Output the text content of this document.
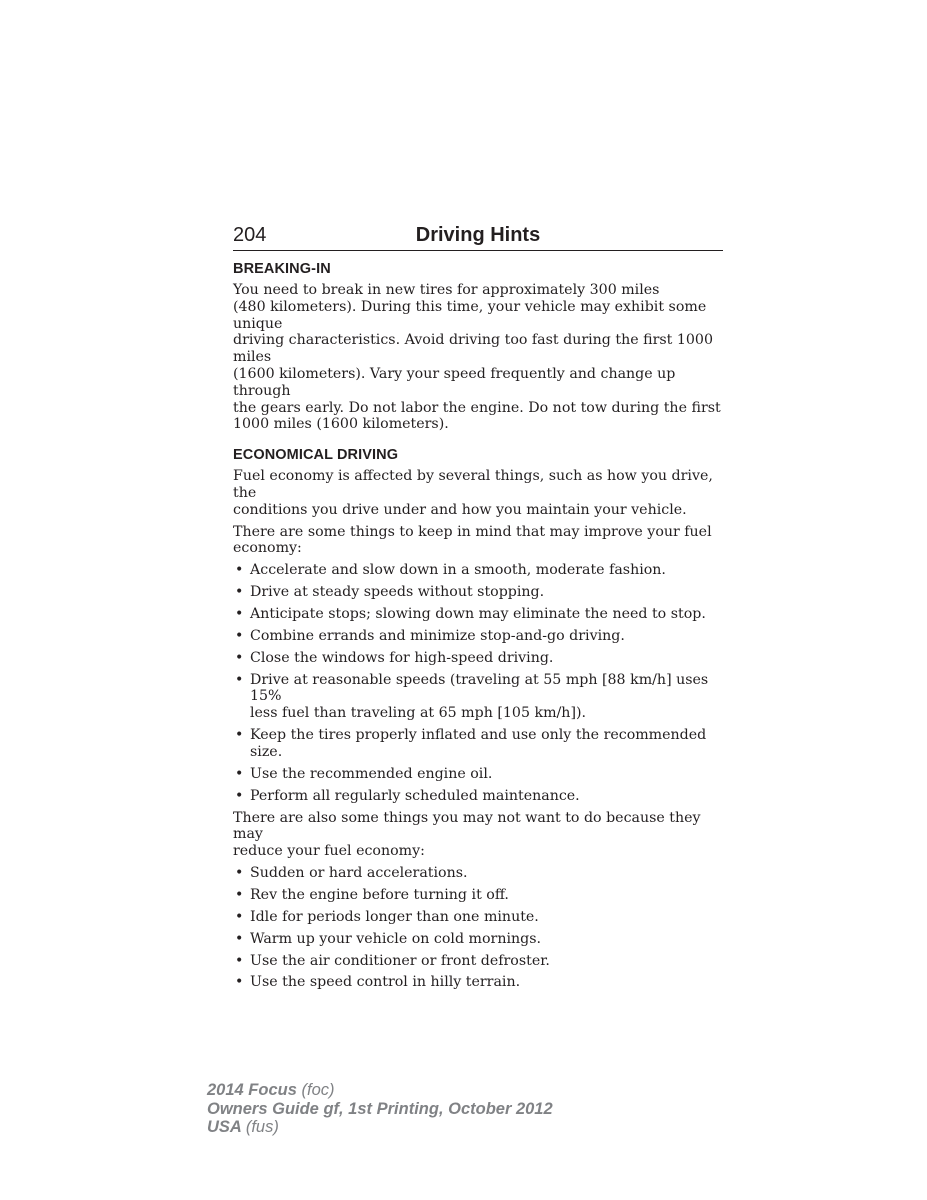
204	Driving Hints
BREAKING-IN

You need to break in new tires for approximately 300 miles
(480 kilometers). During this time, your vehicle may exhibit some unique
driving characteristics. Avoid driving too fast during the first 1000 miles
(1600 kilometers). Vary your speed frequently and change up through
the gears early. Do not labor the engine. Do not tow during the first
1000 miles (1600 kilometers).

ECONOMICAL DRIVING

Fuel economy is affected by several things, such as how you drive, the
conditions you drive under and how you maintain your vehicle.

There are some things to keep in mind that may improve your fuel
economy:

• Accelerate and slow down in a smooth, moderate fashion.
• Drive at steady speeds without stopping.
• Anticipate stops; slowing down may eliminate the need to stop.
• Combine errands and minimize stop-and-go driving.
• Close the windows for high-speed driving.
• Drive at reasonable speeds (traveling at 55 mph [88 km/h] uses 15%
less fuel than traveling at 65 mph [105 km/h]).
• Keep the tires properly inflated and use only the recommended size.
• Use the recommended engine oil.
• Perform all regularly scheduled maintenance.

There are also some things you may not want to do because they may
reduce your fuel economy:

• Sudden or hard accelerations.
• Rev the engine before turning it off.
• Idle for periods longer than one minute.
• Warm up your vehicle on cold mornings.
• Use the air conditioner or front defroster.
• Use the speed control in hilly terrain.
2014 Focus (foc)
Owners Guide gf, 1st Printing, October 2012
USA (fus)
